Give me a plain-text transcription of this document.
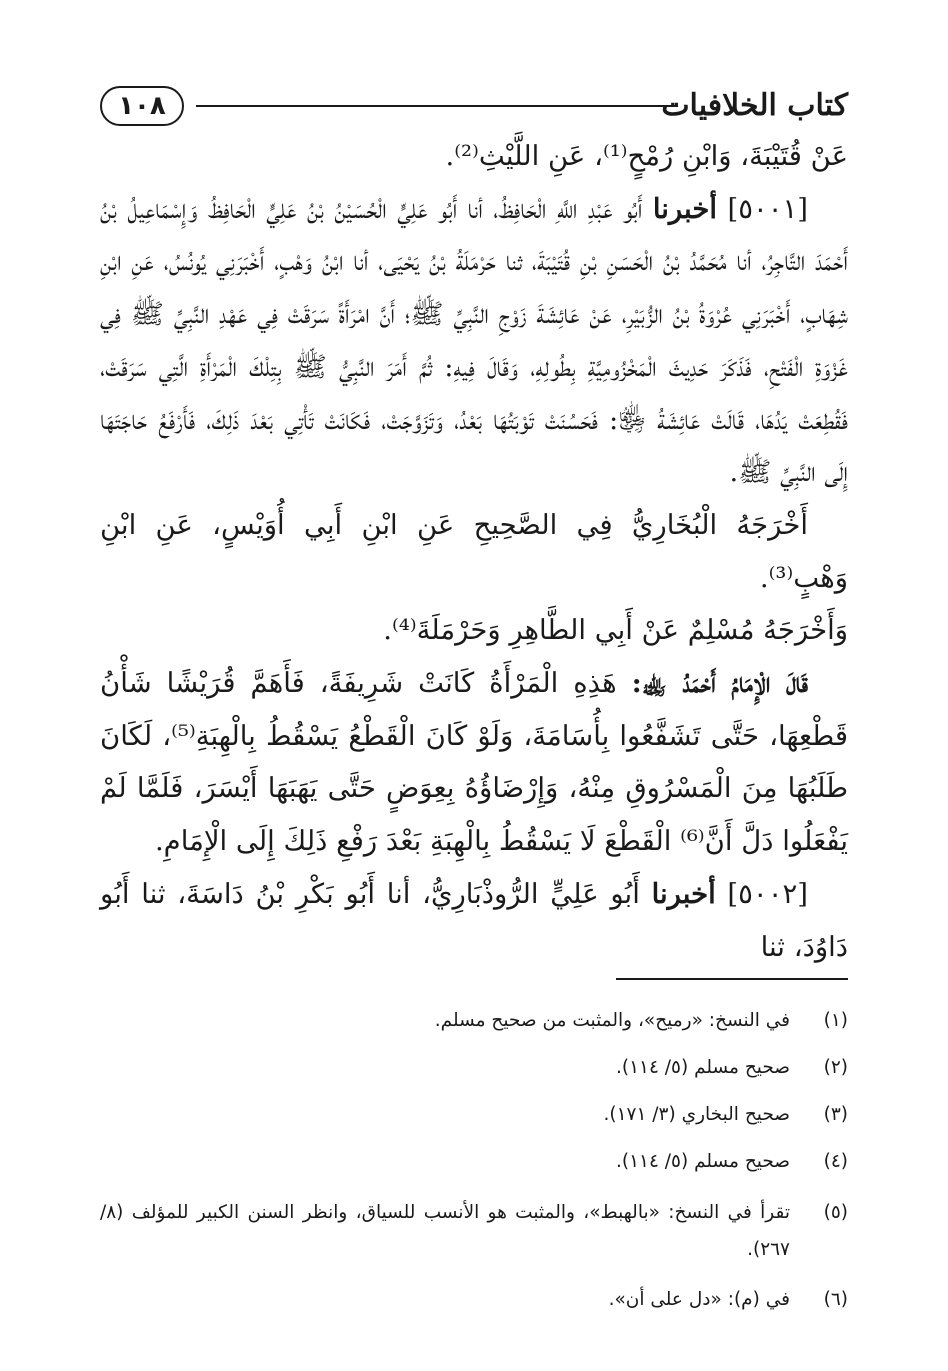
١٠٨	كتاب الخلافيات

عَنْ قُتَيْبَةَ، وَابْنِ رُمْحٍ⁽¹⁾، عَنِ اللَّيْثِ⁽²⁾.

[٥٠٠١] أخبرنا أَبُو عَبْدِ اللَّهِ الْحَافِظُ، أنا أَبُو عَلِيٍّ الْحُسَيْنُ بْنُ عَلِيٍّ الْحَافِظُ وَإِسْمَاعِيلُ بْنُ أَحْمَدَ التَّاجِرُ، أنا مُحَمَّدُ بْنُ الْحَسَنِ بْنِ قُتَيْبَةَ، ثنا حَرْمَلَةُ بْنُ يَحْيَى، أنا ابْنُ وَهْبٍ، أَخْبَرَنِي يُونُسُ، عَنِ ابْنِ شِهَابٍ، أَخْبَرَنِي عُرْوَةُ بْنُ الزُّبَيْرِ، عَنْ عَائِشَةَ زَوْجِ النَّبِيِّ ﷺ؛ أَنَّ امْرَأَةً سَرَقَتْ فِي عَهْدِ النَّبِيِّ ﷺ فِي غَزْوَةِ الْفَتْحِ، فَذَكَرَ حَدِيثَ الْمَخْزُومِيَّةِ بِطُولِهِ، وَقَالَ فِيهِ: ثُمَّ أَمَرَ النَّبِيُّ ﷺ بِتِلْكَ الْمَرْأَةِ الَّتِي سَرَقَتْ، فَقُطِعَتْ يَدُهَا، قَالَتْ عَائِشَةُ ﵂: فَحَسُنَتْ تَوْبَتُهَا بَعْدُ، وَتَزَوَّجَتْ، فَكَانَتْ تَأْتِي بَعْدَ ذَلِكَ، فَأَرْفَعُ حَاجَتَهَا إِلَى النَّبِيِّ ﷺ.

أَخْرَجَهُ الْبُخَارِيُّ فِي الصَّحِيحِ عَنِ ابْنِ أَبِي أُوَيْسٍ، عَنِ ابْنِ وَهْبٍ⁽³⁾.

وَأَخْرَجَهُ مُسْلِمٌ عَنْ أَبِي الطَّاهِرِ وَحَرْمَلَةَ⁽⁴⁾.

قَالَ الْإِمَامُ أَحْمَدُ ﵀: هَذِهِ الْمَرْأَةُ كَانَتْ شَرِيفَةً، فَأَهَمَّ قُرَيْشًا شَأْنُ قَطْعِهَا، حَتَّى تَشَفَّعُوا بِأُسَامَةَ، وَلَوْ كَانَ الْقَطْعُ يَسْقُطُ بِالْهِبَةِ⁽⁵⁾، لَكَانَ طَلَبُهَا مِنَ الْمَسْرُوقِ مِنْهُ، وَإِرْضَاؤُهُ بِعِوَضٍ حَتَّى يَهَبَهَا أَيْسَرَ، فَلَمَّا لَمْ يَفْعَلُوا دَلَّ أَنَّ⁽⁶⁾ الْقَطْعَ لَا يَسْقُطُ بِالْهِبَةِ بَعْدَ رَفْعِ ذَلِكَ إِلَى الْإِمَامِ.

[٥٠٠٢] أخبرنا أَبُو عَلِيٍّ الرُّوذْبَارِيُّ، أنا أَبُو بَكْرِ بْنُ دَاسَةَ، ثنا أَبُو دَاوُدَ، ثنا

(١)
في النسخ: «رميح»، والمثبت من صحيح مسلم.
(٢)
صحيح مسلم (٥/ ١١٤).
(٣)
صحيح البخاري (٣/ ١٧١).
(٤)
صحيح مسلم (٥/ ١١٤).
(٥)
تقرأ في النسخ: «بالهبط»، والمثبت هو الأنسب للسياق، وانظر السنن الكبير للمؤلف (٨/ ٢٦٧).
(٦)
في (م): «دل على أن».
